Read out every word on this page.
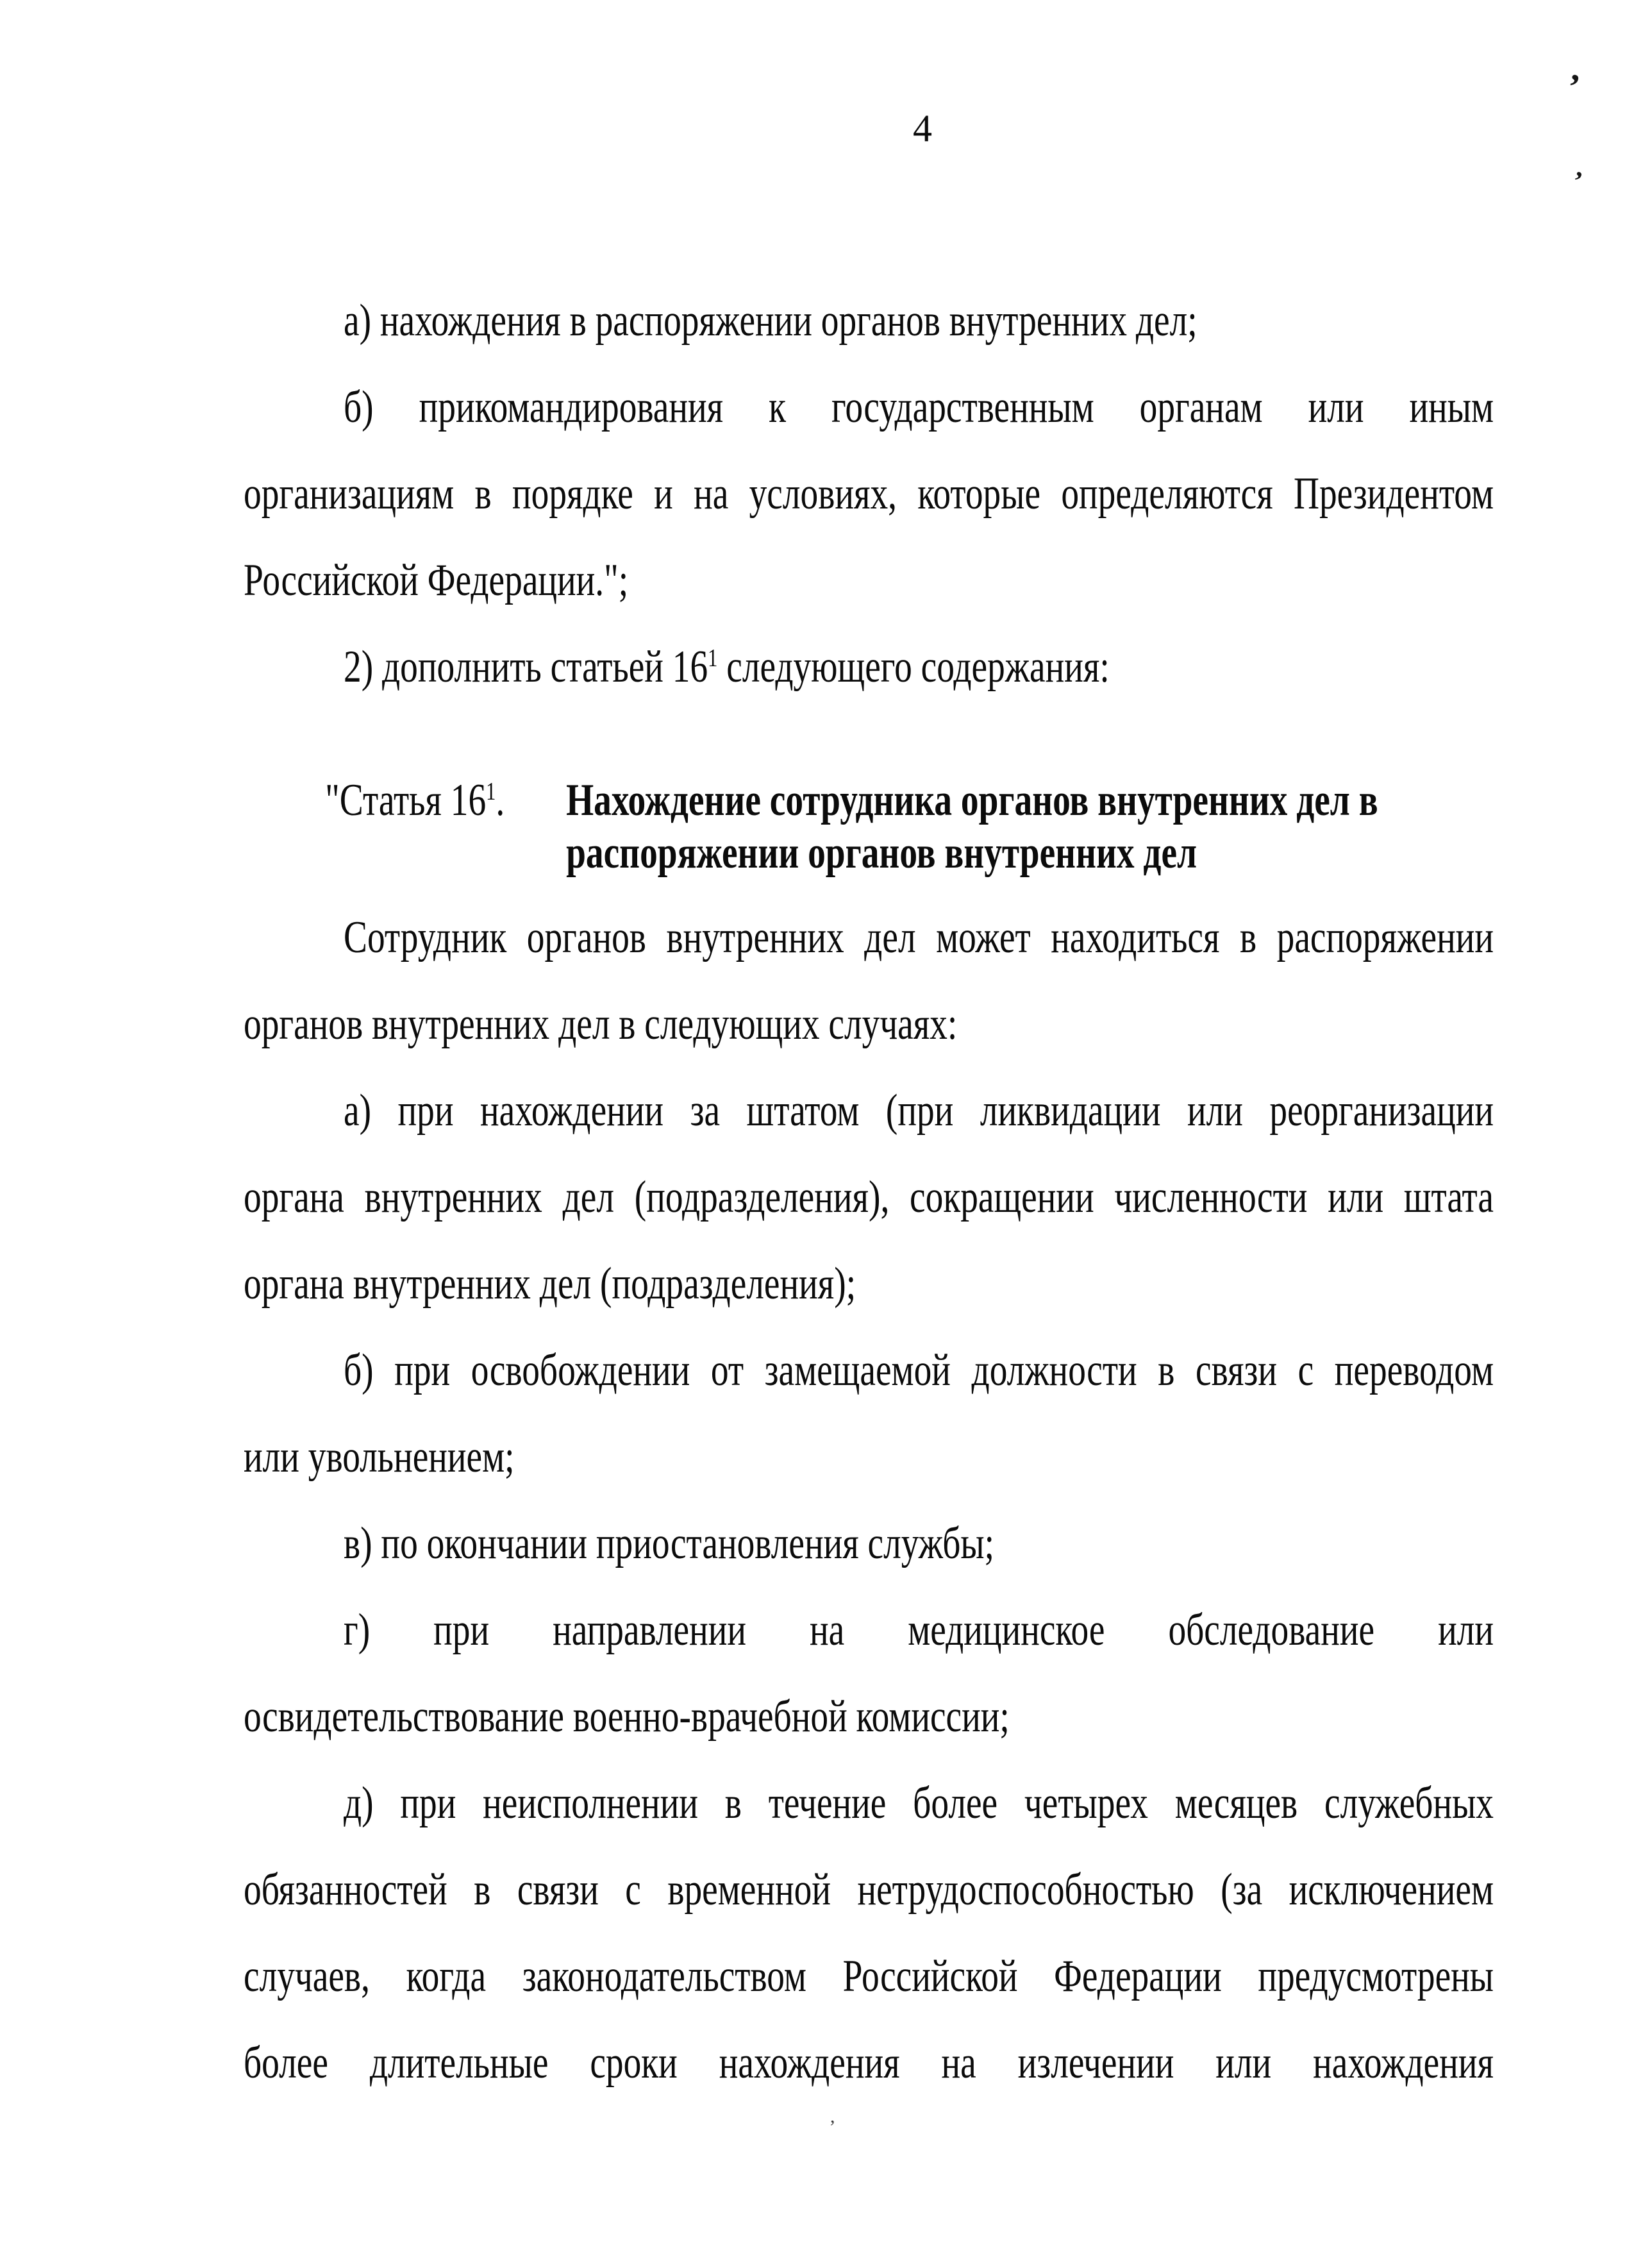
4
’
’
,
а) нахождения в распоряжении органов внутренних дел;
б) прикомандирования к государственным органам или иным
организациям в порядке и на условиях, которые определяются Президентом
Российской Федерации.";
2) дополнить статьей $16^1$ следующего содержания:
"Статья $16^1$.	Нахождение сотрудника органов внутренних дел в
распоряжении органов внутренних дел
Сотрудник органов внутренних дел может находиться в распоряжении
органов внутренних дел в следующих случаях:
а) при нахождении за штатом (при ликвидации или реорганизации
органа внутренних дел (подразделения), сокращении численности или штата
органа внутренних дел (подразделения);
б) при освобождении от замещаемой должности в связи с переводом
или увольнением;
в) по окончании приостановления службы;
г) при направлении на медицинское обследование или
освидетельствование военно-врачебной комиссии;
д) при неисполнении в течение более четырех месяцев служебных
обязанностей в связи с временной нетрудоспособностью (за исключением
случаев, когда законодательством Российской Федерации предусмотрены
более длительные сроки нахождения на излечении или нахождения
